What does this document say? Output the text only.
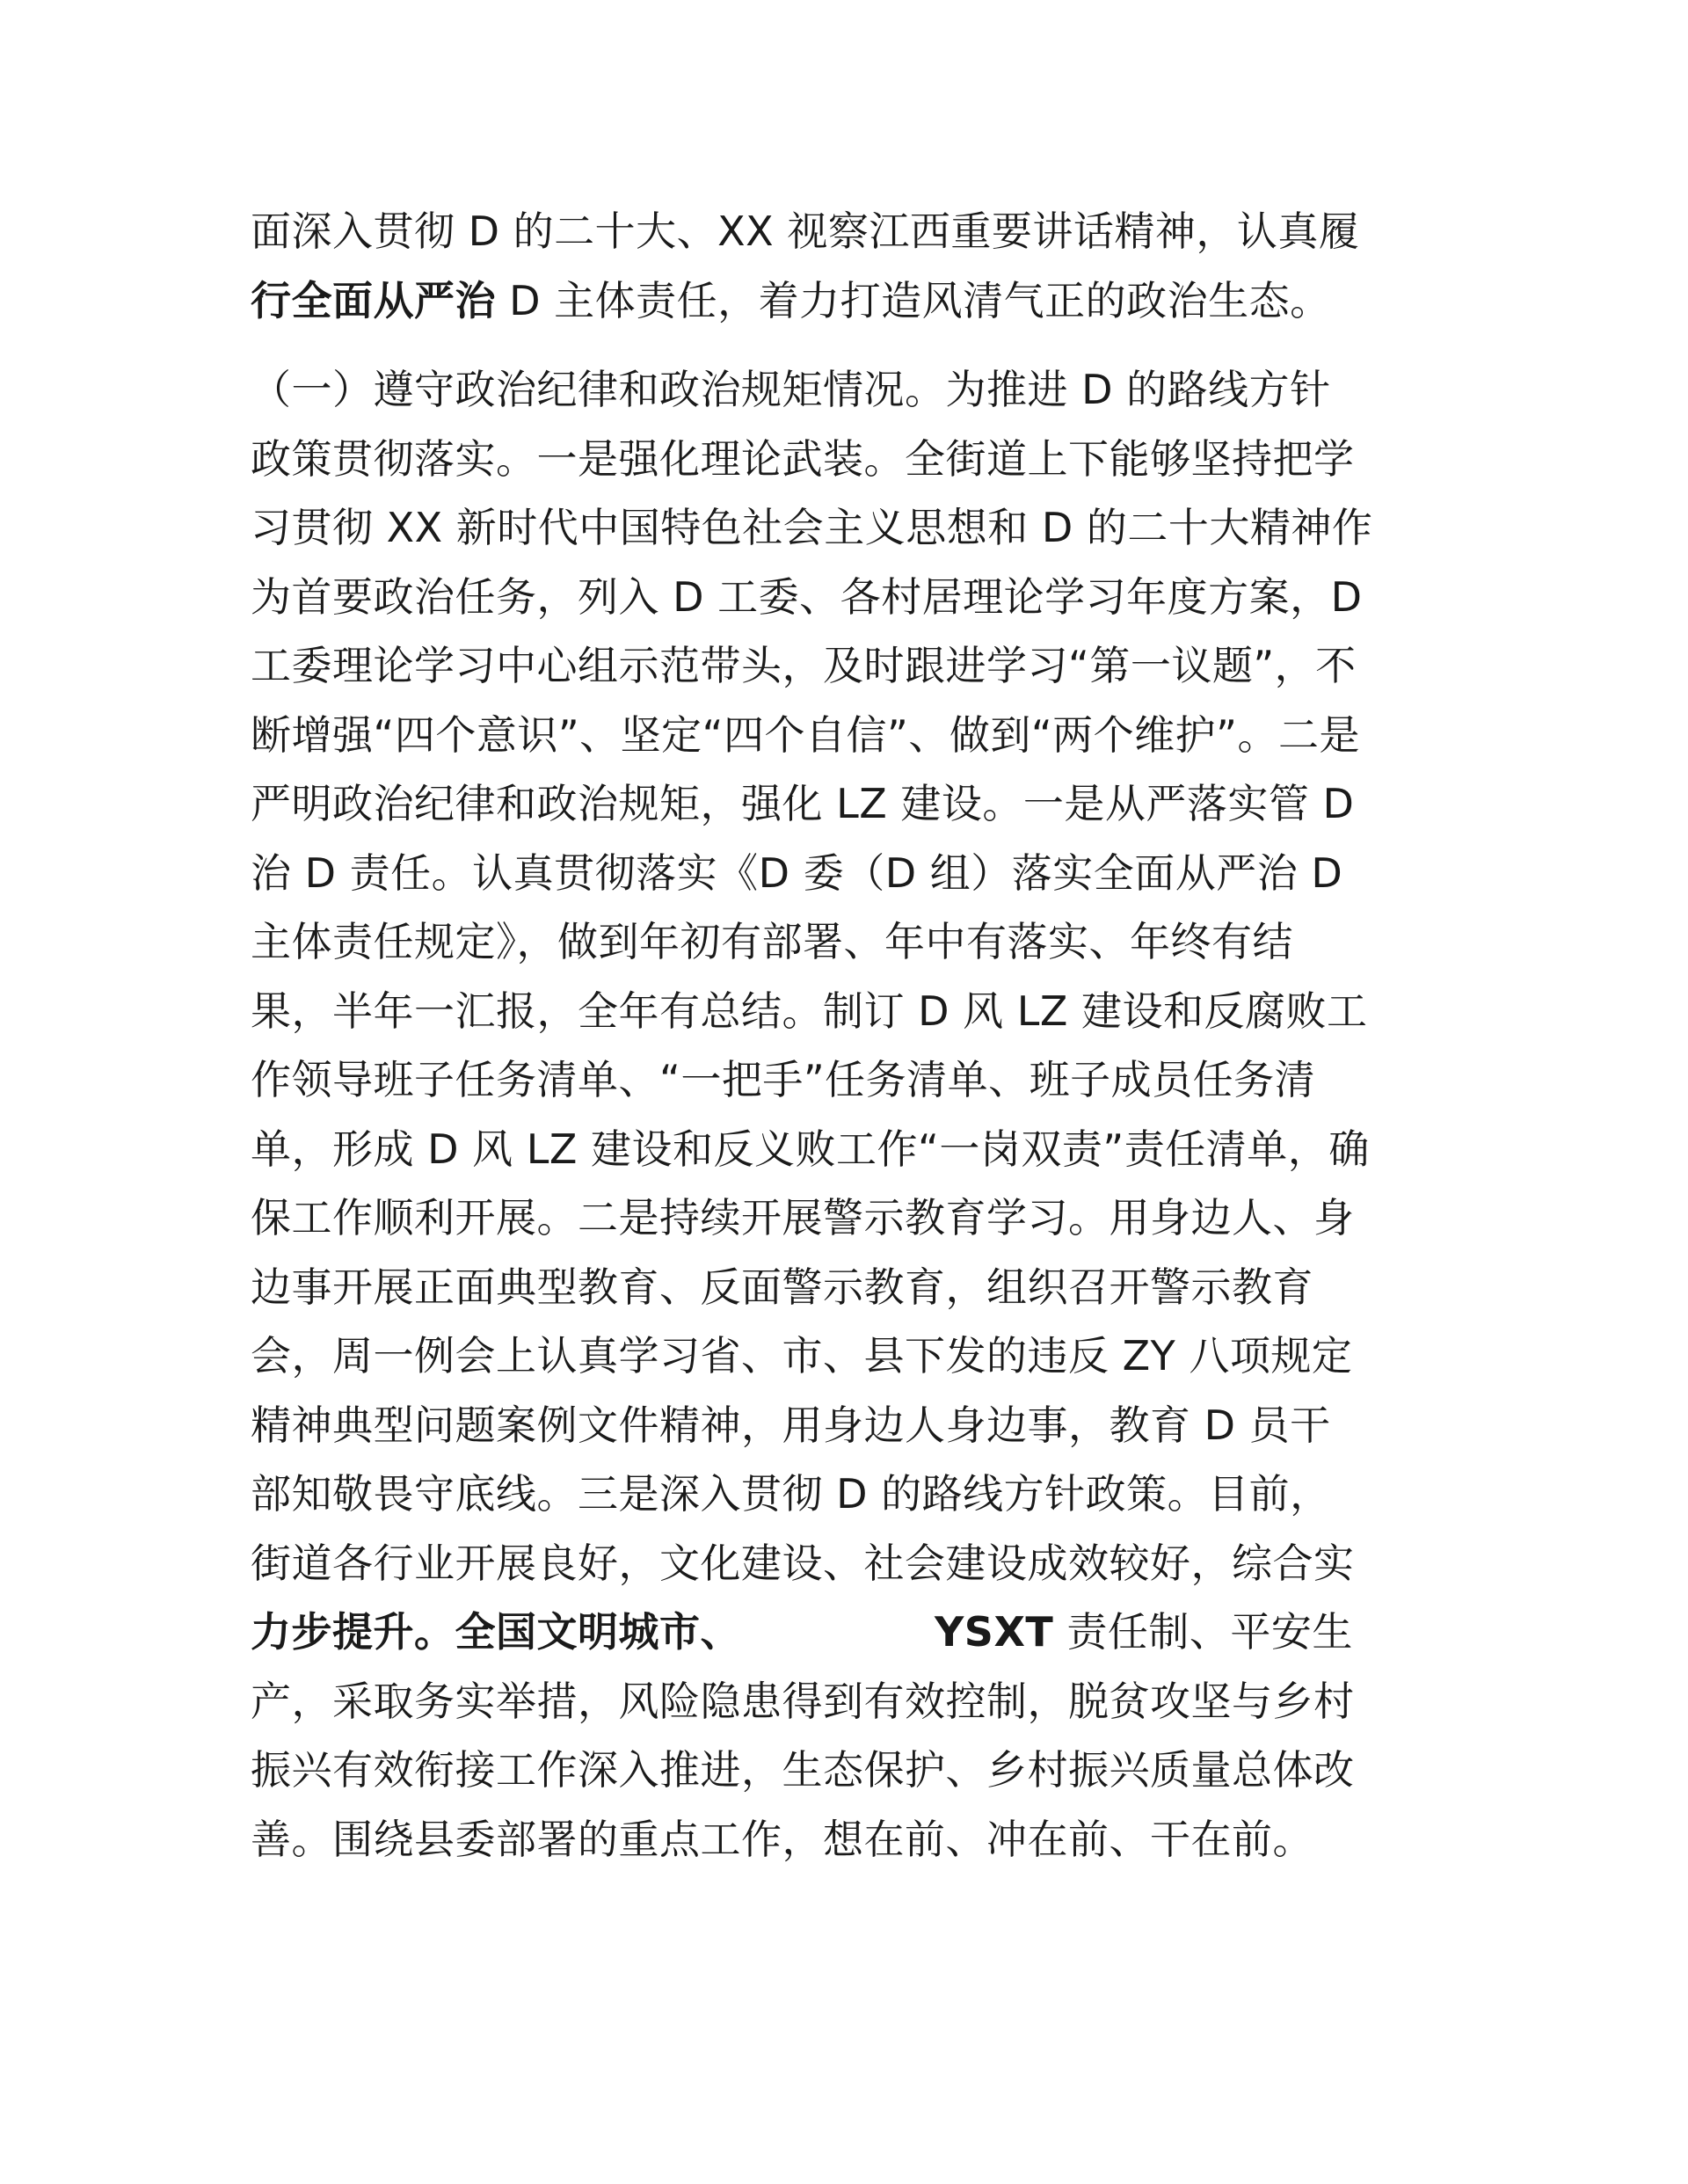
面深入贯彻 D 的二十大、XX 视察江西重要讲话精神，认真履
行全面从严治 D 主体责任，着力打造风清气正的政治生态。
（一）遵守政治纪律和政治规矩情况。为推进 D 的路线方针
政策贯彻落实。一是强化理论武装。全街道上下能够坚持把学
习贯彻 XX 新时代中国特色社会主义思想和 D 的二十大精神作
为首要政治任务，列入 D 工委、各村居理论学习年度方案，D
工委理论学习中心组示范带头，及时跟进学习“第一议题”，不
断增强“四个意识”、坚定“四个自信”、做到“两个维护”。二是
严明政治纪律和政治规矩，强化 LZ 建设。一是从严落实管 D
治 D 责任。认真贯彻落实《D 委（D 组）落实全面从严治 D
主体责任规定》，做到年初有部署、年中有落实、年终有结
果，半年一汇报，全年有总结。制订 D 风 LZ 建设和反腐败工
作领导班子任务清单、“一把手”任务清单、班子成员任务清
单，形成 D 风 LZ 建设和反义败工作“一岗双责”责任清单，确
保工作顺利开展。二是持续开展警示教育学习。用身边人、身
边事开展正面典型教育、反面警示教育，组织召开警示教育
会，周一例会上认真学习省、市、县下发的违反 ZY 八项规定
精神典型问题案例文件精神，用身边人身边事，教育 D 员干
部知敬畏守底线。三是深入贯彻 D 的路线方针政策。目前，
街道各行业开展良好，文化建设、社会建设成效较好，综合实
力步提升。全国文明城市、	YSXT 责任制、平安生
产，采取务实举措，风险隐患得到有效控制，脱贫攻坚与乡村
振兴有效衔接工作深入推进，生态保护、乡村振兴质量总体改
善。围绕县委部署的重点工作，想在前、冲在前、干在前。
